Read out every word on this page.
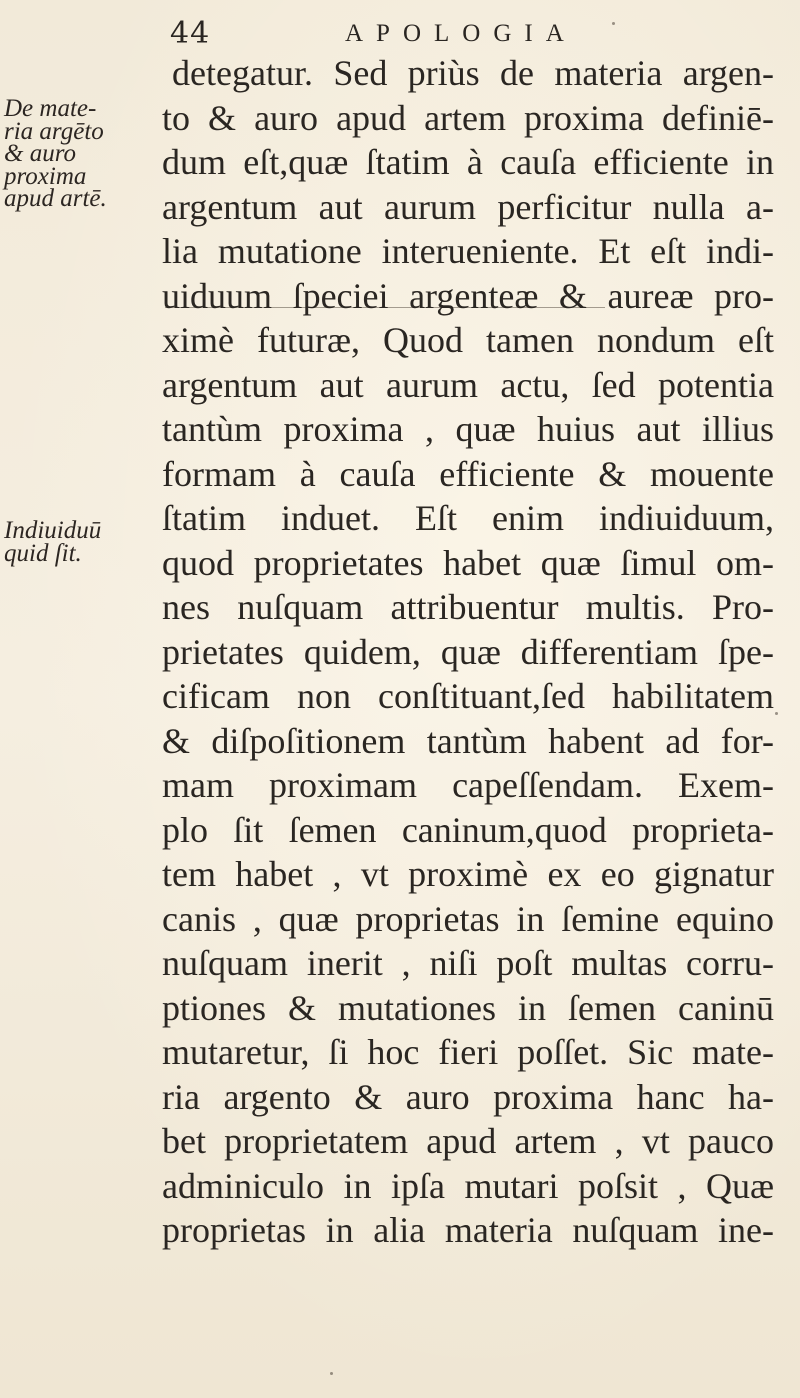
44	APOLOGIA
De mate-
ria argēto
& auro
proxima
apud artē.
Indiuiduū
quid ſit.
detegatur. Sed priùs de materia argen-
to & auro apud artem proxima definiē-
dum eſt,quæ ſtatim à cauſa efficiente in
argentum aut aurum perficitur nulla a-
lia mutatione interueniente. Et eſt indi-
uiduum ſpeciei argenteæ & aureæ pro-
ximè futuræ, Quod tamen nondum eſt
argentum aut aurum actu, ſed potentia
tantùm proxima , quæ huius aut illius
formam à cauſa efficiente & mouente
ſtatim induet. Eſt enim indiuiduum,
quod proprietates habet quæ ſimul om-
nes nuſquam attribuentur multis. Pro-
prietates quidem, quæ differentiam ſpe-
cificam non conſtituant,ſed habilitatem
& diſpoſitionem tantùm habent ad for-
mam proximam capeſſendam. Exem-
plo ſit ſemen caninum,quod proprieta-
tem habet , vt proximè ex eo gignatur
canis , quæ proprietas in ſemine equino
nuſquam inerit , niſi poſt multas corru-
ptiones & mutationes in ſemen caninū
mutaretur, ſi hoc fieri poſſet. Sic mate-
ria argento & auro proxima hanc ha-
bet proprietatem apud artem , vt pauco
adminiculo in ipſa mutari poſsit , Quæ
proprietas in alia materia nuſquam ine-
